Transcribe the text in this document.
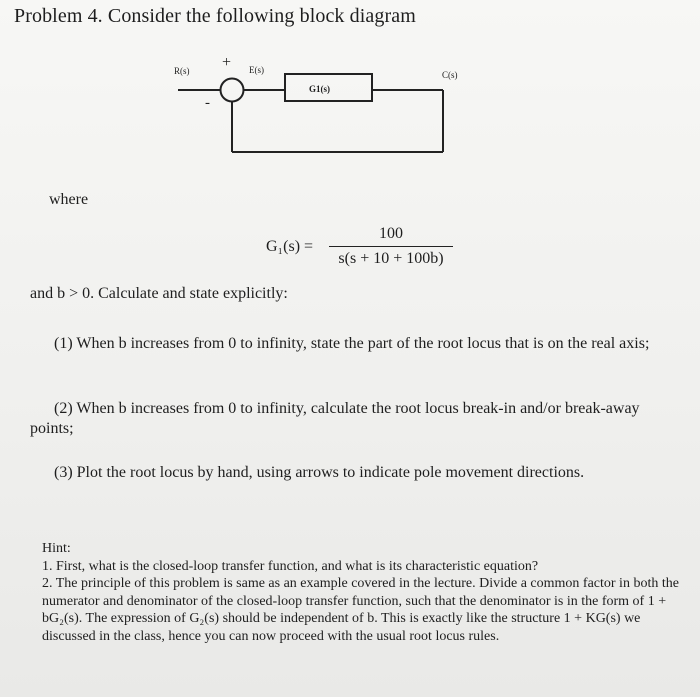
Problem 4. Consider the following block diagram
R(s)	E(s)
G1(s)
C(s)
+
-
where
G₁(s) =
100
s(s + 10 + 100b)
and b > 0. Calculate and state explicitly:
(1) When b increases from 0 to infinity, state the part of the root locus that is on the real axis;
(2) When b increases from 0 to infinity, calculate the root locus break-in and/or break-away points;
(3) Plot the root locus by hand, using arrows to indicate pole movement directions.

Hint:

1. First, what is the closed-loop transfer function, and what is its characteristic equation?

2. The principle of this problem is same as an example covered in the lecture. Divide a common factor in both the numerator and denominator of the closed-loop transfer function, such that the denominator is in the form of 1 + bG₂(s). The expression of G₂(s) should be independent of b. This is exactly like the structure 1 + KG(s) we discussed in the class, hence you can now proceed with the usual root locus rules.
